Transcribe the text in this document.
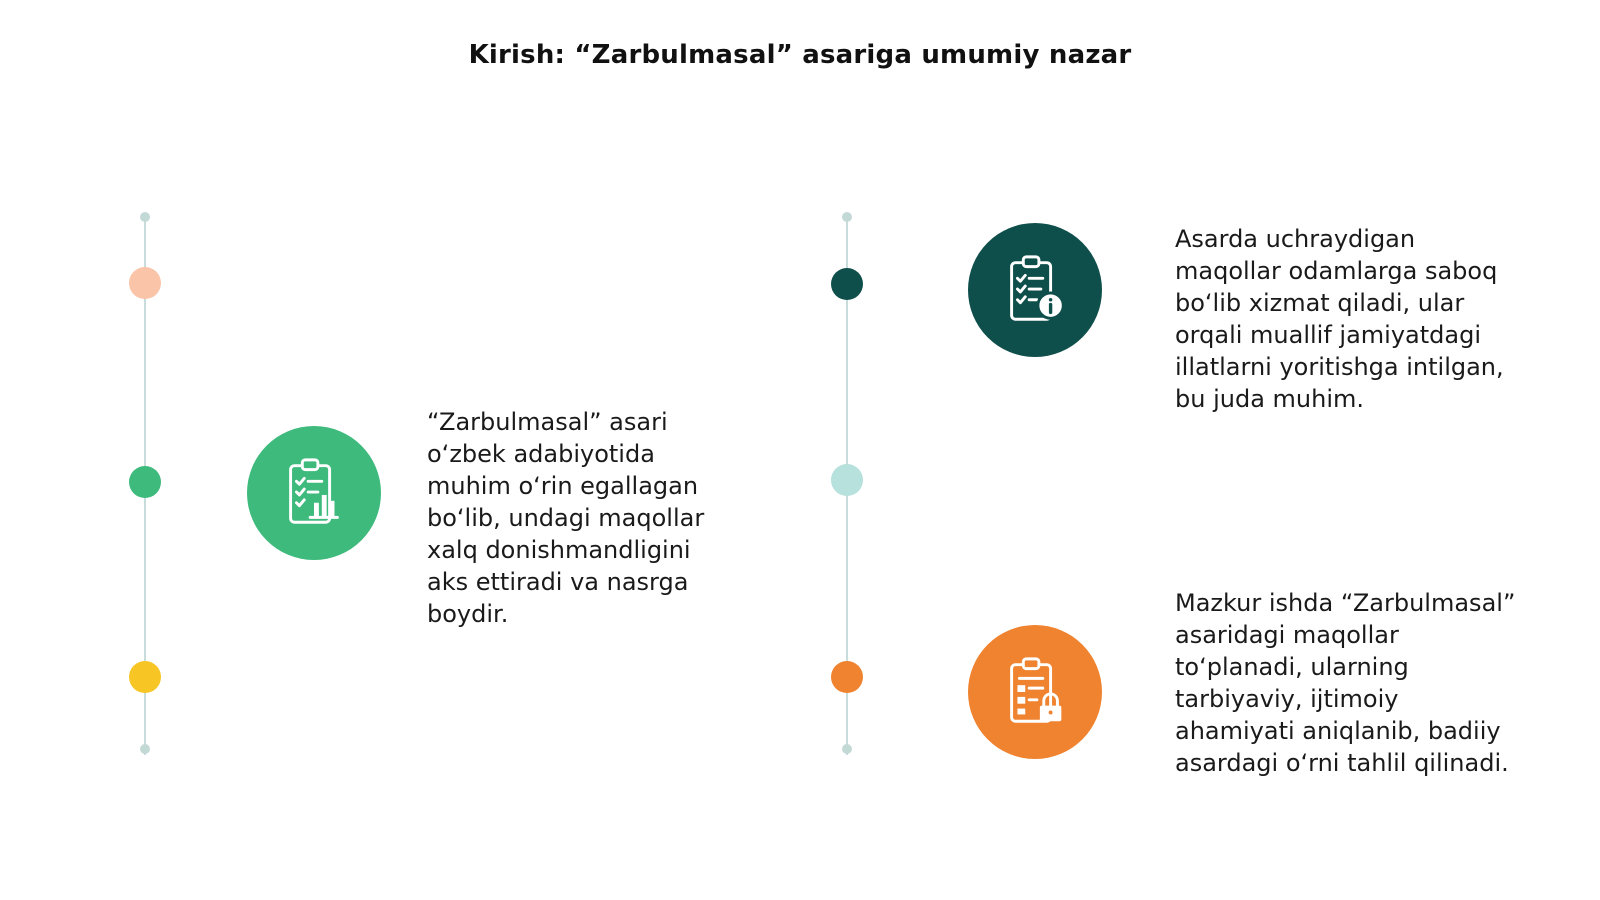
Kirish: “Zarbulmasal” asariga umumiy nazar
“Zarbulmasal” asari
o‘zbek adabiyotida
muhim o‘rin egallagan
bo‘lib, undagi maqollar
xalq donishmandligini
aks ettiradi va nasrga
boydir.
Asarda uchraydigan
maqollar odamlarga saboq
bo‘lib xizmat qiladi, ular
orqali muallif jamiyatdagi
illatlarni yoritishga intilgan,
bu juda muhim.
Mazkur ishda “Zarbulmasal”
asaridagi maqollar
to‘planadi, ularning
tarbiyaviy, ijtimoiy
ahamiyati aniqlanib, badiiy
asardagi o‘rni tahlil qilinadi.
